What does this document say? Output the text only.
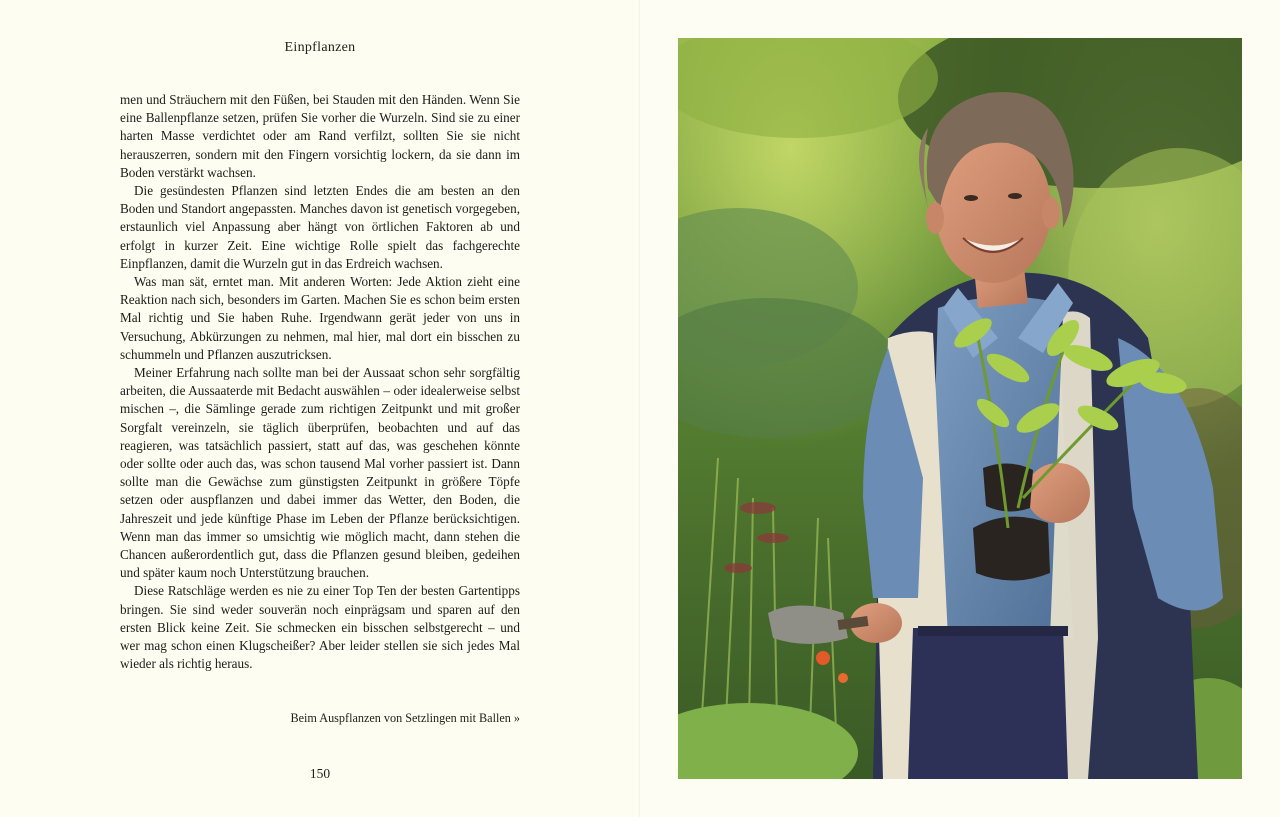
Einpflanzen

men und Sträuchern mit den Füßen, bei Stauden mit den Händen. Wenn Sie eine Ballenpflanze setzen, prüfen Sie vorher die Wurzeln. Sind sie zu einer harten Masse verdichtet oder am Rand verfilzt, sollten Sie sie nicht herauszerren, sondern mit den Fingern vorsichtig lockern, da sie dann im Boden verstärkt wachsen.

Die gesündesten Pflanzen sind letzten Endes die am besten an den Boden und Standort angepassten. Manches davon ist genetisch vorgegeben, erstaunlich viel Anpassung aber hängt von örtlichen Faktoren ab und erfolgt in kurzer Zeit. Eine wichtige Rolle spielt das fachgerechte Einpflanzen, damit die Wurzeln gut in das Erdreich wachsen.

Was man sät, erntet man. Mit anderen Worten: Jede Aktion zieht eine Reaktion nach sich, besonders im Garten. Machen Sie es schon beim ersten Mal richtig und Sie haben Ruhe. Irgendwann gerät jeder von uns in Versuchung, Abkürzungen zu nehmen, mal hier, mal dort ein bisschen zu schummeln und Pflanzen auszutricksen.

Meiner Erfahrung nach sollte man bei der Aussaat schon sehr sorgfältig arbeiten, die Aussaaterde mit Bedacht auswählen – oder idealerweise selbst mischen –, die Sämlinge gerade zum richtigen Zeitpunkt und mit großer Sorgfalt vereinzeln, sie täglich überprüfen, beobachten und auf das reagieren, was tatsächlich passiert, statt auf das, was geschehen könnte oder sollte oder auch das, was schon tausend Mal vorher passiert ist. Dann sollte man die Gewächse zum günstigsten Zeitpunkt in größere Töpfe setzen oder auspflanzen und dabei immer das Wetter, den Boden, die Jahreszeit und jede künftige Phase im Leben der Pflanze berücksichtigen. Wenn man das immer so umsichtig wie möglich macht, dann stehen die Chancen außerordentlich gut, dass die Pflanzen gesund bleiben, gedeihen und später kaum noch Unterstützung brauchen.

Diese Ratschläge werden es nie zu einer Top Ten der besten Gartentipps bringen. Sie sind weder souverän noch einprägsam und sparen auf den ersten Blick keine Zeit. Sie schmecken ein bisschen selbstgerecht – und wer mag schon einen Klugscheißer? Aber leider stellen sie sich jedes Mal wieder als richtig heraus.

Beim Auspflanzen von Setzlingen mit Ballen »
150
